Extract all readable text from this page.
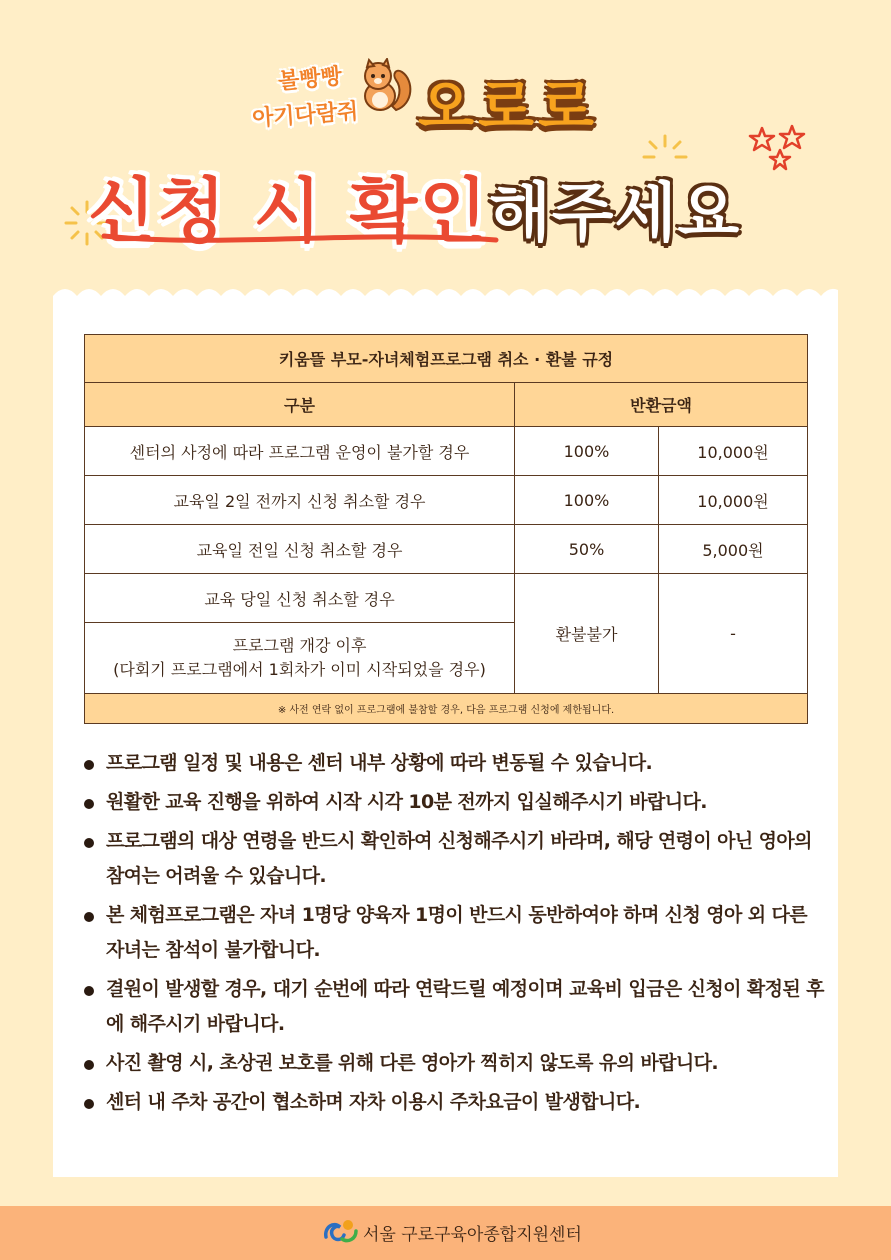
볼빵빵
아기다람쥐 오로로
신청 시 확인해주세요
키움뜰 부모-자녀체험프로그램 취소 · 환불 규정		
구분	반환금액	
센터의 사정에 따라 프로그램 운영이 불가할 경우	100%	10,000원
교육일 2일 전까지 신청 취소할 경우	100%	10,000원
교육일 전일 신청 취소할 경우	50%	5,000원
교육 당일 신청 취소할 경우	환불불가	-

프로그램 개강 이후
(다회기 프로그램에서 1회차가 이미 시작되었을 경우)		

※ 사전 연락 없이 프로그램에 불참할 경우, 다음 프로그램 신청에 제한됩니다.		
프로그램 일정 및 내용은 센터 내부 상황에 따라 변동될 수 있습니다.
원활한 교육 진행을 위하여 시작 시각 10분 전까지 입실해주시기 바랍니다.
프로그램의 대상 연령을 반드시 확인하여 신청해주시기 바라며, 해당 연령이 아닌 영아의 참여는 어려울 수 있습니다.
본 체험프로그램은 자녀 1명당 양육자 1명이 반드시 동반하여야 하며 신청 영아 외 다른 자녀는 참석이 불가합니다.
결원이 발생할 경우, 대기 순번에 따라 연락드릴 예정이며 교육비 입금은 신청이 확정된 후에 해주시기 바랍니다.
사진 촬영 시, 초상권 보호를 위해 다른 영아가 찍히지 않도록 유의 바랍니다.
센터 내 주차 공간이 협소하며 자차 이용시 주차요금이 발생합니다.
서울 구로구육아종합지원센터
